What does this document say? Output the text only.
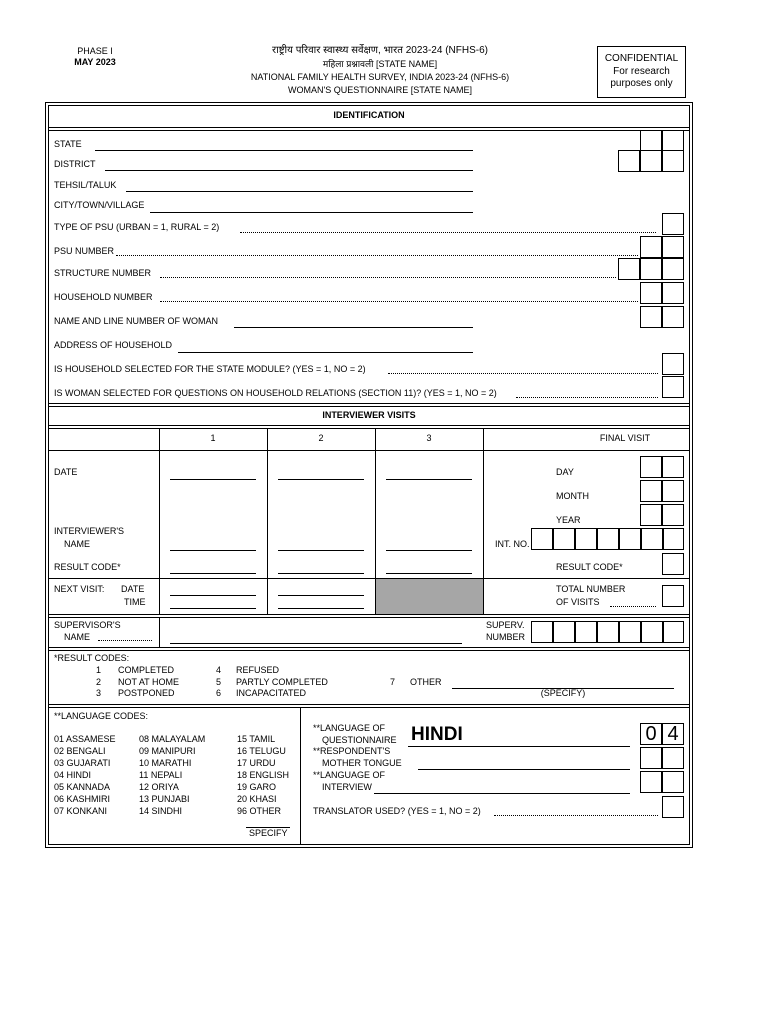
PHASE I
MAY 2023
राष्ट्रीय परिवार स्वास्थ्य सर्वेक्षण, भारत 2023-24 (NFHS-6)
महिला प्रश्नावली [STATE NAME]
NATIONAL FAMILY HEALTH SURVEY, INDIA 2023-24 (NFHS-6)
WOMAN'S QUESTIONNAIRE [STATE NAME]
CONFIDENTIAL
For research
purposes only
IDENTIFICATION
STATE
DISTRICT
TEHSIL/TALUK
CITY/TOWN/VILLAGE
TYPE OF PSU (URBAN = 1, RURAL = 2)
PSU NUMBER
STRUCTURE NUMBER
HOUSEHOLD NUMBER
NAME AND LINE NUMBER OF WOMAN
ADDRESS OF HOUSEHOLD
IS HOUSEHOLD SELECTED FOR THE STATE MODULE? (YES = 1, NO = 2)
IS WOMAN SELECTED FOR QUESTIONS ON HOUSEHOLD RELATIONS (SECTION 11)? (YES = 1, NO = 2)
INTERVIEWER VISITS
1	2	3	FINAL VISIT
DATE	DAY
MONTH
YEAR
INTERVIEWER'S
NAME	INT. NO.
RESULT CODE*	RESULT CODE*
NEXT VISIT: DATE
TIME
TOTAL NUMBER
OF VISITS
SUPERVISOR'S
NAME
SUPERV.
NUMBER
*RESULT CODES:
1 COMPLETED
2 NOT AT HOME
3 POSTPONED
4 REFUSED
5 PARTLY COMPLETED
6 INCAPACITATED
7 OTHER
(SPECIFY)
**LANGUAGE CODES:
01 ASSAMESE
02 BENGALI
03 GUJARATI
04 HINDI
05 KANNADA
06 KASHMIRI
07 KONKANI
08 MALAYALAM
09 MANIPURI
10 MARATHI
11 NEPALI
12 ORIYA
13 PUNJABI
14 SINDHI
15 TAMIL
16 TELUGU
17 URDU
18 ENGLISH
19 GARO
20 KHASI
96 OTHER
SPECIFY
**LANGUAGE OF
QUESTIONNAIRE HINDI	0 4
**RESPONDENT'S
MOTHER TONGUE
**LANGUAGE OF
INTERVIEW
TRANSLATOR USED? (YES = 1, NO = 2)
